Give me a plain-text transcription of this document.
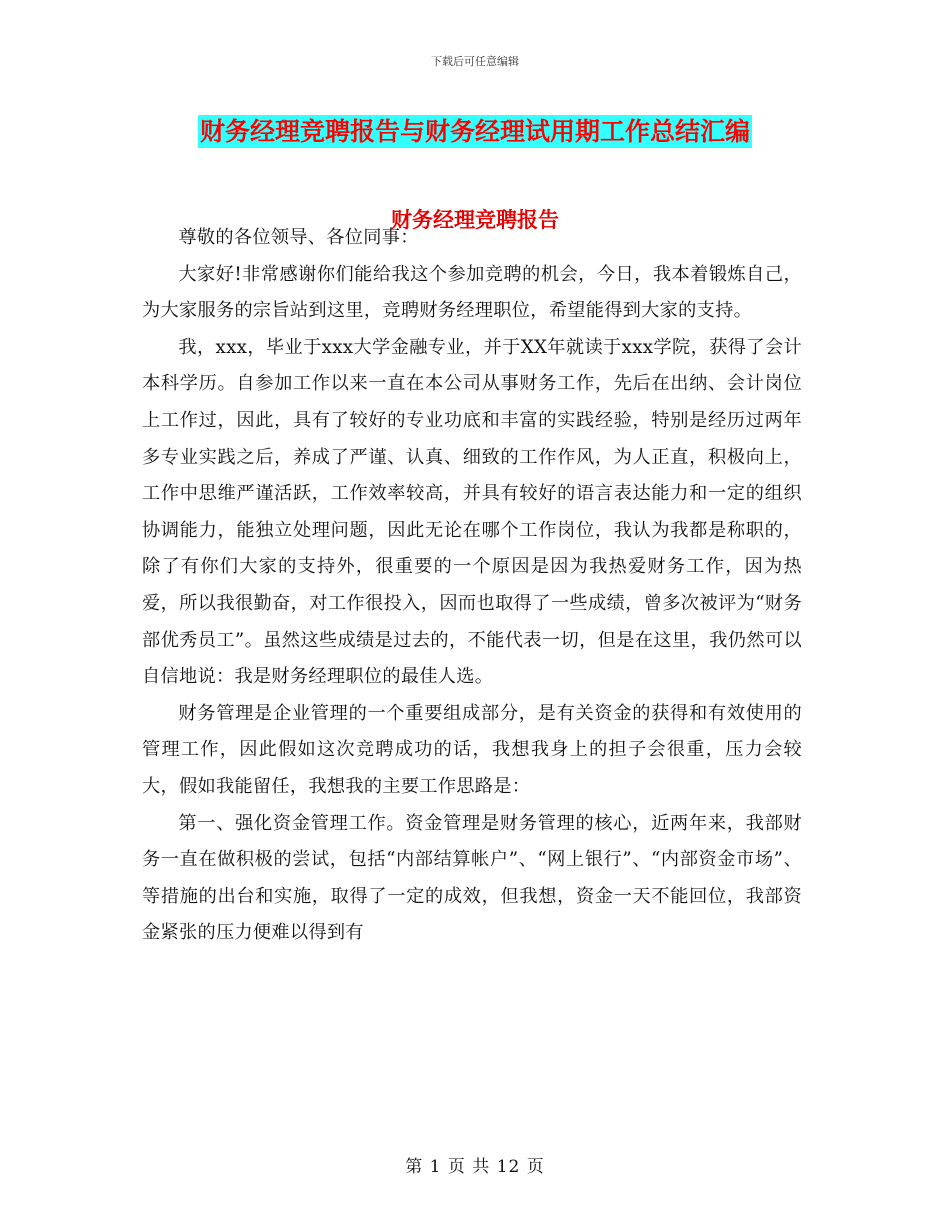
下载后可任意编辑
财务经理竞聘报告与财务经理试用期工作总结汇编
财务经理竞聘报告

尊敬的各位领导、各位同事：

大家好!非常感谢你们能给我这个参加竞聘的机会，今日，我本着锻炼自己，为大家服务的宗旨站到这里，竞聘财务经理职位，希望能得到大家的支持。

我，xxx，毕业于xxx大学金融专业，并于XX年就读于xxx学院，获得了会计本科学历。自参加工作以来一直在本公司从事财务工作，先后在出纳、会计岗位上工作过，因此，具有了较好的专业功底和丰富的实践经验，特别是经历过两年多专业实践之后，养成了严谨、认真、细致的工作作风，为人正直，积极向上，工作中思维严谨活跃，工作效率较高，并具有较好的语言表达能力和一定的组织协调能力，能独立处理问题，因此无论在哪个工作岗位，我认为我都是称职的，除了有你们大家的支持外，很重要的一个原因是因为我热爱财务工作，因为热爱，所以我很勤奋，对工作很投入，因而也取得了一些成绩，曾多次被评为“财务部优秀员工”。虽然这些成绩是过去的，不能代表一切，但是在这里，我仍然可以自信地说：我是财务经理职位的最佳人选。

财务管理是企业管理的一个重要组成部分，是有关资金的获得和有效使用的管理工作，因此假如这次竞聘成功的话，我想我身上的担子会很重，压力会较大，假如我能留任，我想我的主要工作思路是：

第一、强化资金管理工作。资金管理是财务管理的核心，近两年来，我部财务一直在做积极的尝试，包括“内部结算帐户”、“网上银行”、“内部资金市场”、等措施的出台和实施，取得了一定的成效，但我想，资金一天不能回位，我部资金紧张的压力便难以得到有

第 1 页 共 12 页
